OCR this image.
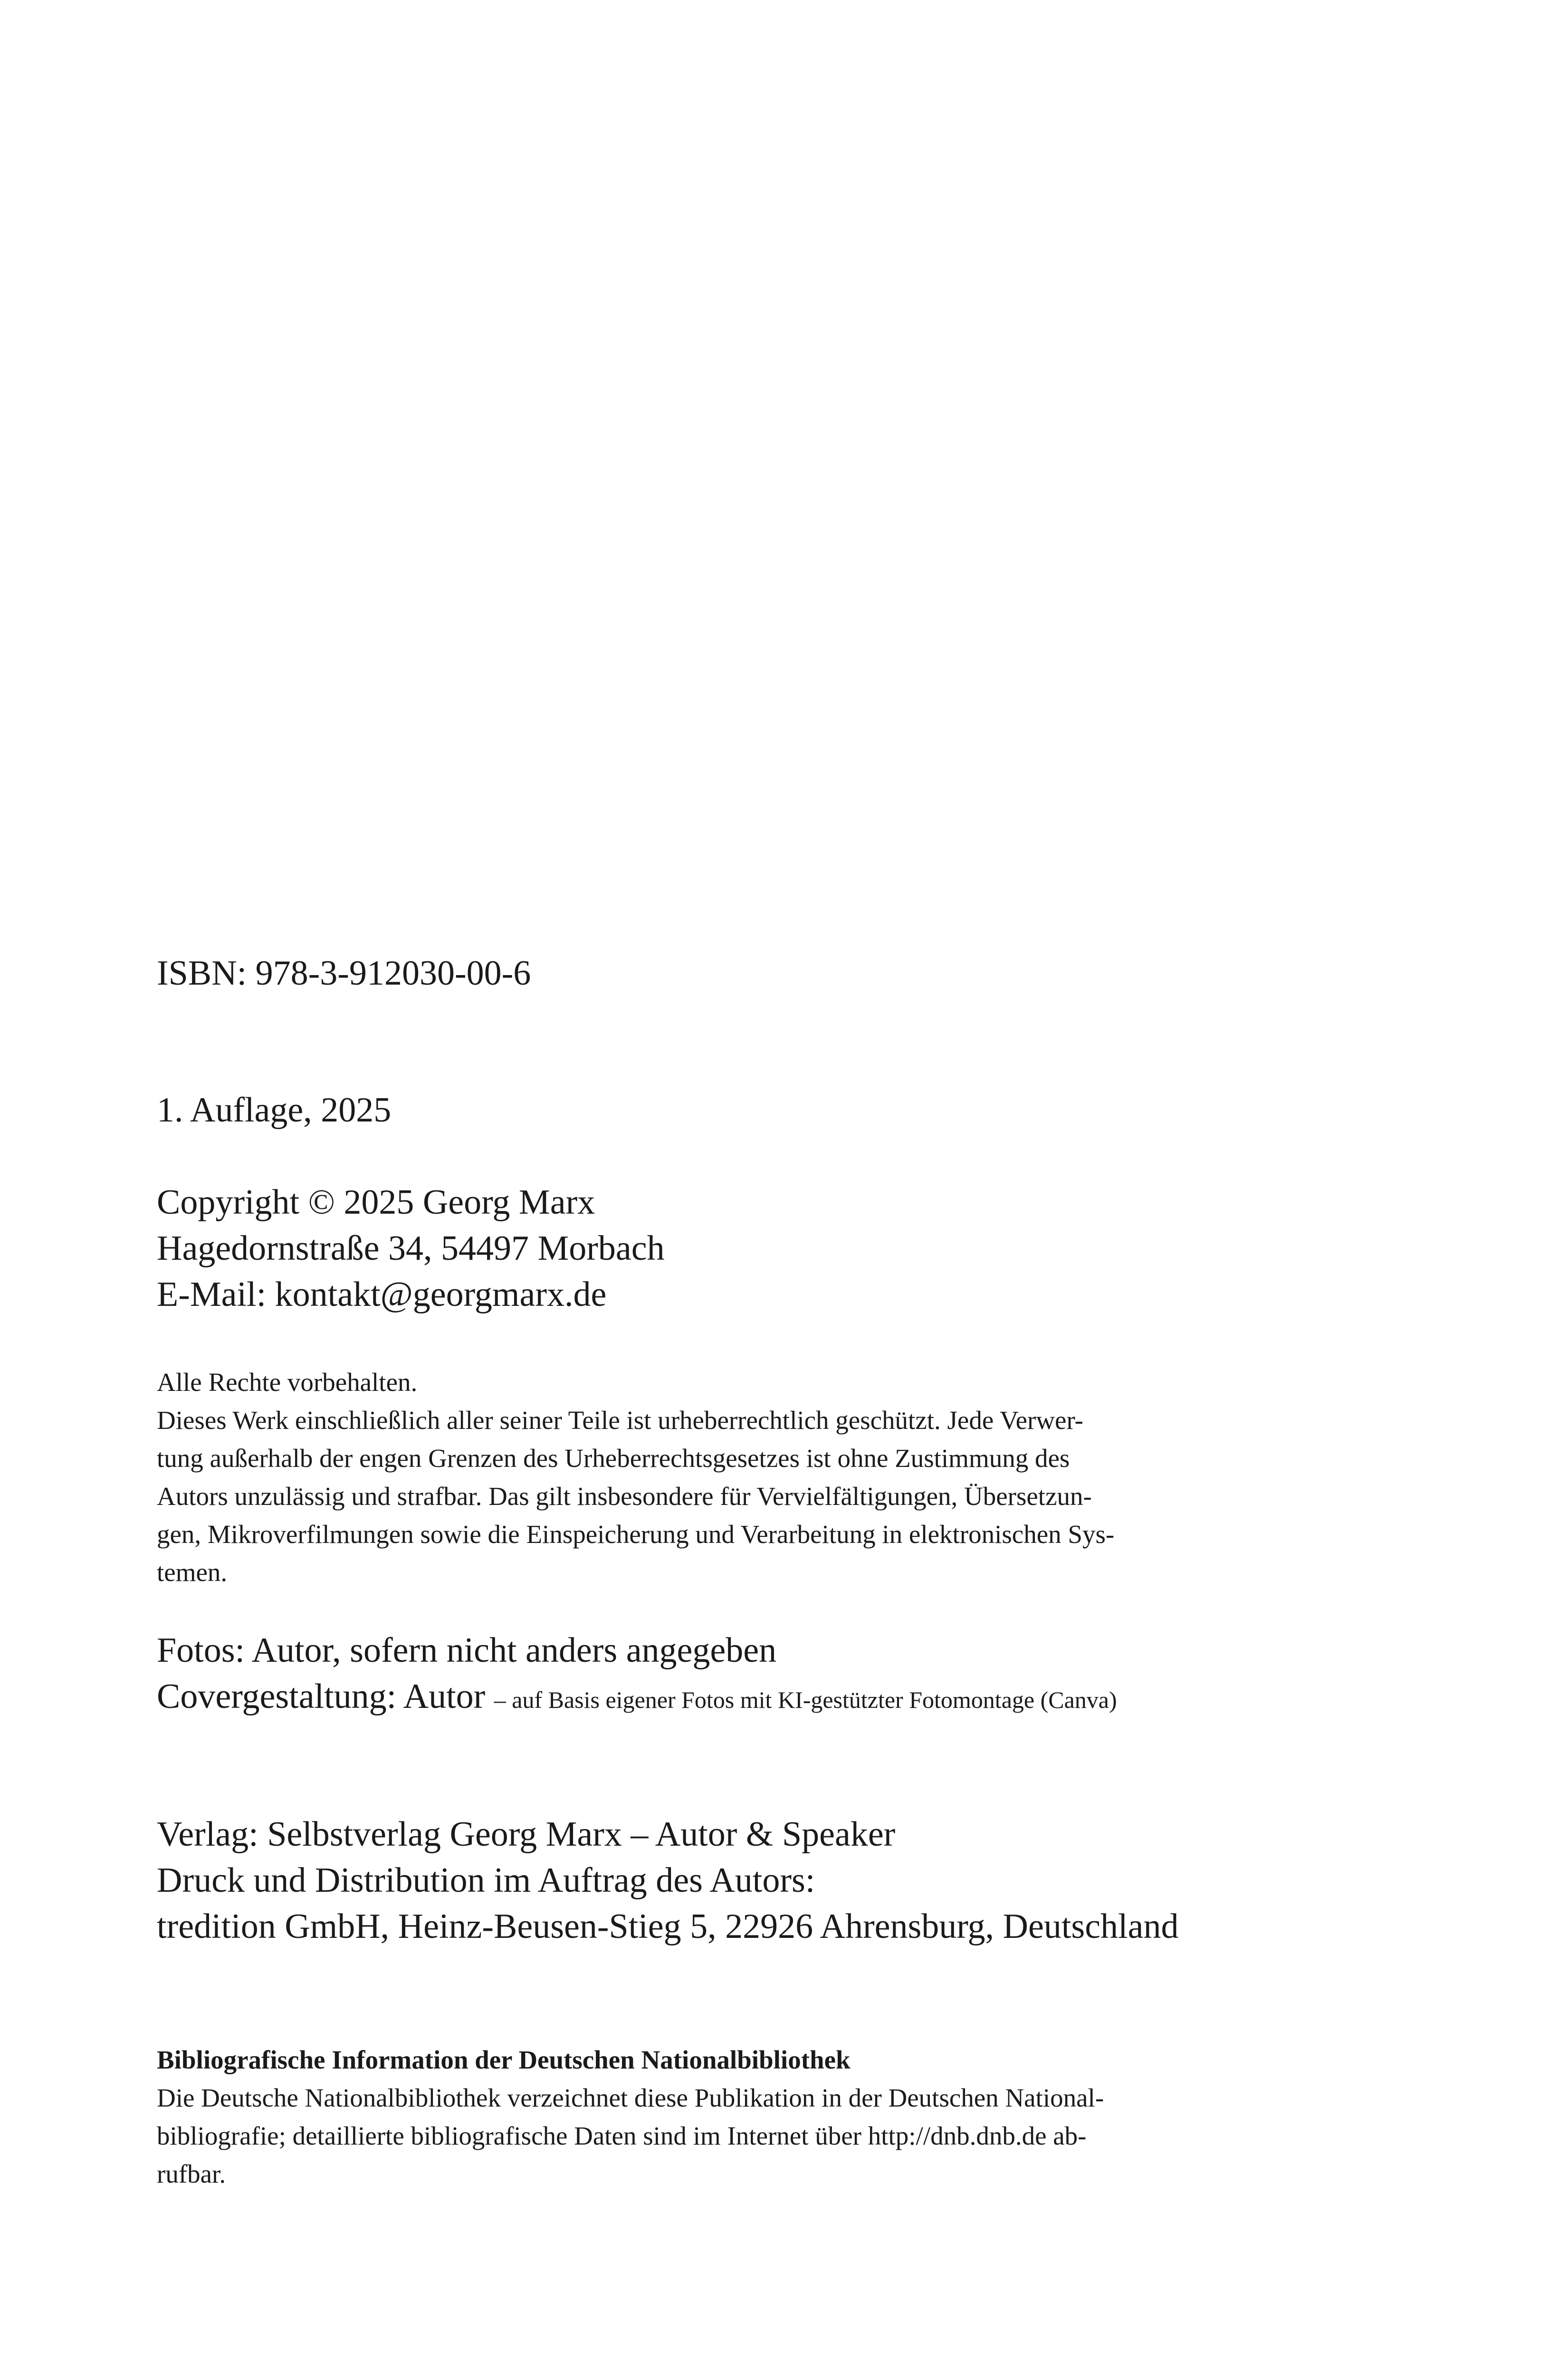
ISBN: 978-3-912030-00-6
1. Auflage, 2025
Copyright © 2025 Georg Marx
Hagedornstraße 34, 54497 Morbach
E-Mail: kontakt@georgmarx.de
Alle Rechte vorbehalten.
Dieses Werk einschließlich aller seiner Teile ist urheberrechtlich geschützt. Jede Verwer-
tung außerhalb der engen Grenzen des Urheberrechtsgesetzes ist ohne Zustimmung des
Autors unzulässig und strafbar. Das gilt insbesondere für Vervielfältigungen, Übersetzun-
gen, Mikroverfilmungen sowie die Einspeicherung und Verarbeitung in elektronischen Sys-
temen.
Fotos: Autor, sofern nicht anders angegeben
Covergestaltung: Autor – auf Basis eigener Fotos mit KI-gestützter Fotomontage (Canva)
Verlag: Selbstverlag Georg Marx – Autor & Speaker
Druck und Distribution im Auftrag des Autors:
tredition GmbH, Heinz-Beusen-Stieg 5, 22926 Ahrensburg, Deutschland
Bibliografische Information der Deutschen Nationalbibliothek
Die Deutsche Nationalbibliothek verzeichnet diese Publikation in der Deutschen National-
bibliografie; detaillierte bibliografische Daten sind im Internet über http://dnb.dnb.de ab-
rufbar.
